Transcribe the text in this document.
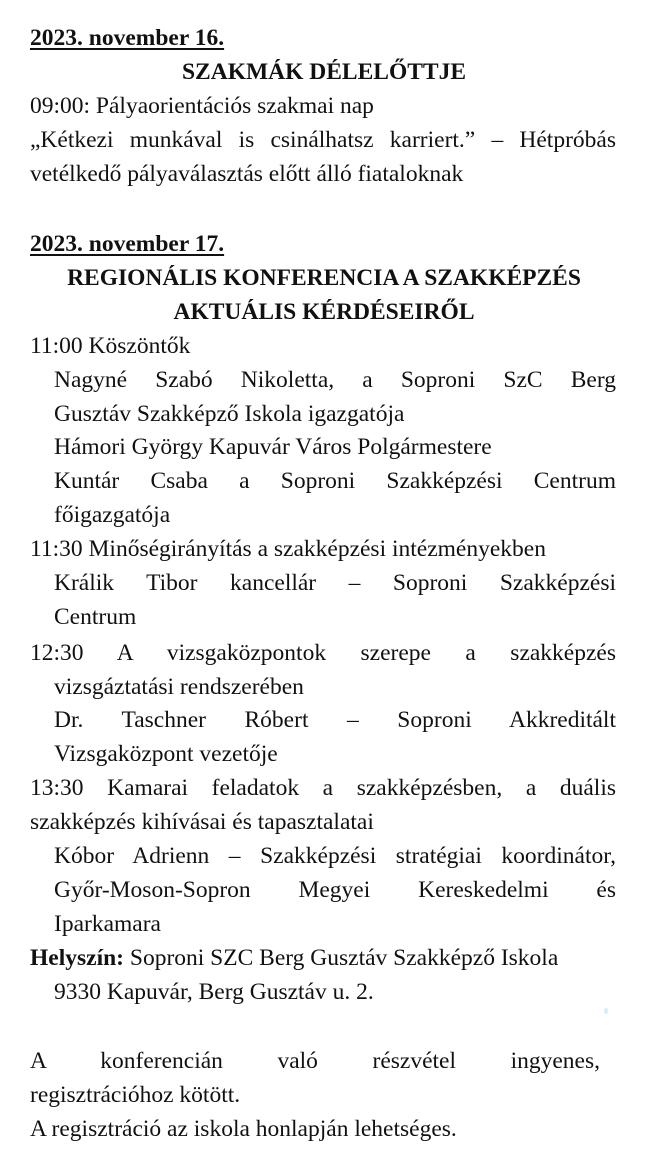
2023. november 16.
SZAKMÁK DÉLELŐTTJE
09:00: Pályaorientációs szakmai nap
„Kétkezi munkával is csinálhatsz karriert.” – Hétpróbás
vetélkedő pályaválasztás előtt álló fiataloknak
2023. november 17.
REGIONÁLIS KONFERENCIA A SZAKKÉPZÉS
AKTUÁLIS KÉRDÉSEIRŐL
11:00 Köszöntők
Nagyné Szabó Nikoletta, a Soproni SzC Berg
Gusztáv Szakképző Iskola igazgatója
Hámori György Kapuvár Város Polgármestere
Kuntár Csaba a Soproni Szakképzési Centrum
főigazgatója
11:30 Minőségirányítás a szakképzési intézményekben
Králik Tibor kancellár – Soproni Szakképzési
Centrum
12:30 A vizsgaközpontok szerepe a szakképzés
vizsgáztatási rendszerében
Dr. Taschner Róbert – Soproni Akkreditált
Vizsgaközpont vezetője
13:30 Kamarai feladatok a szakképzésben, a duális
szakképzés kihívásai és tapasztalatai
Kóbor Adrienn – Szakképzési stratégiai koordinátor,
Győr-Moson-Sopron Megyei Kereskedelmi és
Iparkamara
Helyszín: Soproni SZC Berg Gusztáv Szakképző Iskola
9330 Kapuvár, Berg Gusztáv u. 2.
A konferencián való részvétel ingyenes,
regisztrációhoz kötött.
A regisztráció az iskola honlapján lehetséges.
